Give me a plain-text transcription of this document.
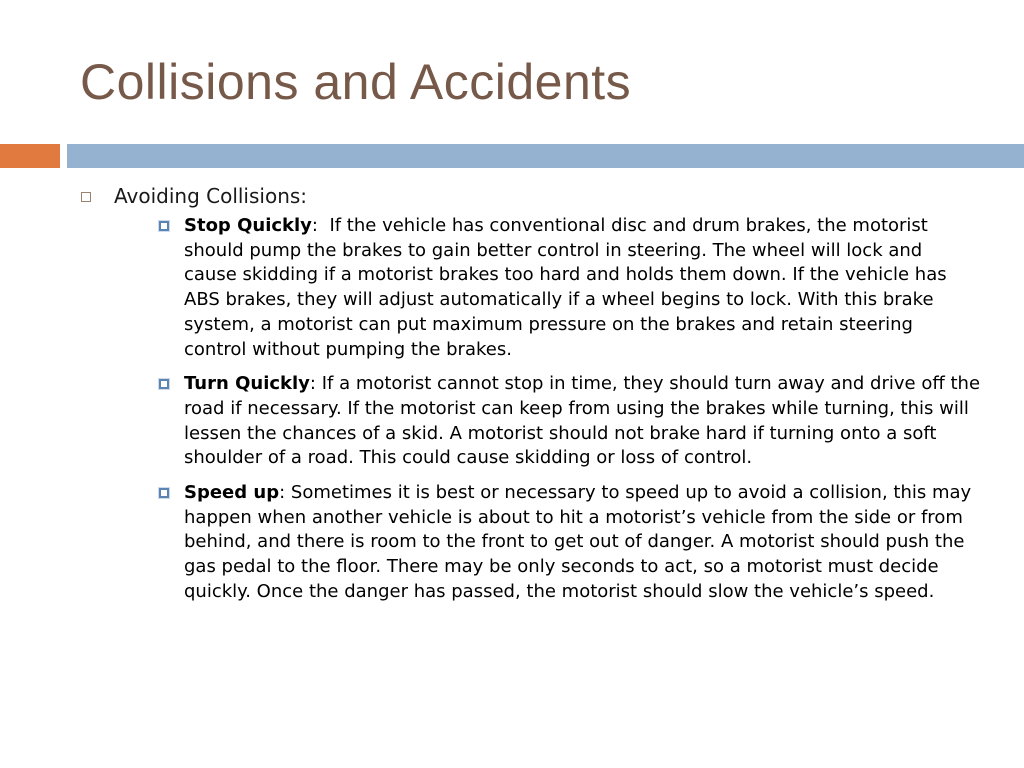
Collisions and Accidents
Avoiding Collisions:
Stop Quickly:  If the vehicle has conventional disc and drum brakes, the motorist should pump the brakes to gain better control in steering. The wheel will lock and cause skidding if a motorist brakes too hard and holds them down. If the vehicle has ABS brakes, they will adjust automatically if a wheel begins to lock. With this brake system, a motorist can put maximum pressure on the brakes and retain steering control without pumping the brakes.
Turn Quickly: If a motorist cannot stop in time, they should turn away and drive off the road if necessary. If the motorist can keep from using the brakes while turning, this will lessen the chances of a skid. A motorist should not brake hard if turning onto a soft shoulder of a road. This could cause skidding or loss of control.
Speed up: Sometimes it is best or necessary to speed up to avoid a collision, this may happen when another vehicle is about to hit a motorist’s vehicle from the side or from behind, and there is room to the front to get out of danger. A motorist should push the gas pedal to the floor. There may be only seconds to act, so a motorist must decide quickly. Once the danger has passed, the motorist should slow the vehicle’s speed.
